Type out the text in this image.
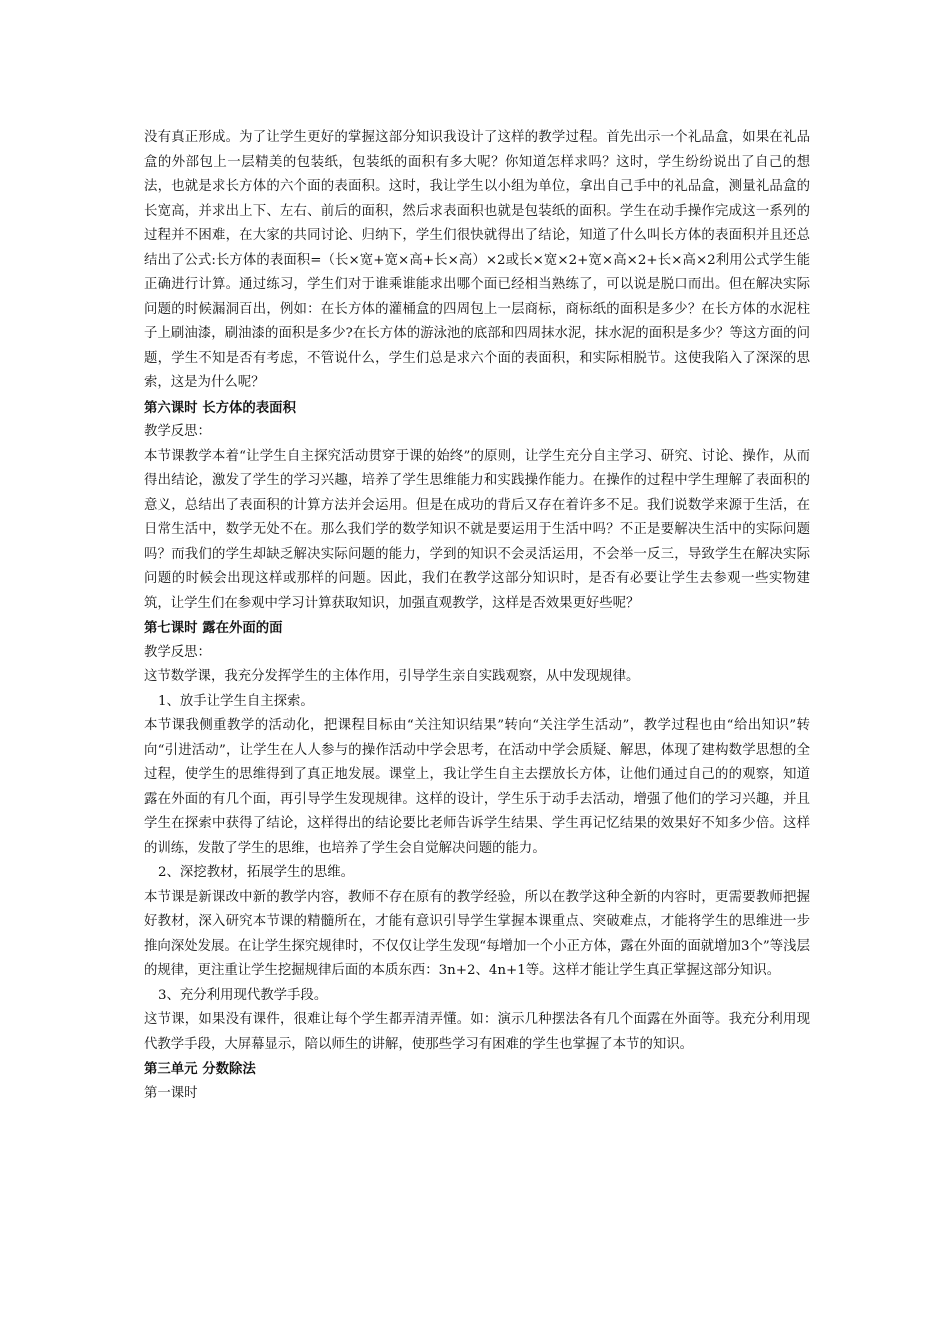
没有真正形成。为了让学生更好的掌握这部分知识我设计了这样的教学过程。首先出示一个礼品盒，如果在礼品盒的外部包上一层精美的包装纸，包装纸的面积有多大呢？你知道怎样求吗？这时，学生纷纷说出了自己的想法，也就是求长方体的六个面的表面积。这时，我让学生以小组为单位，拿出自己手中的礼品盒，测量礼品盒的长宽高，并求出上下、左右、前后的面积，然后求表面积也就是包装纸的面积。学生在动手操作完成这一系列的过程并不困难，在大家的共同讨论、归纳下，学生们很快就得出了结论，知道了什么叫长方体的表面积并且还总结出了公式:长方体的表面积=（长×宽+宽×高+长×高）×2或长×宽×2+宽×高×2+长×高×2利用公式学生能正确进行计算。通过练习，学生们对于谁乘谁能求出哪个面已经相当熟练了，可以说是脱口而出。但在解决实际问题的时候漏洞百出，例如：在长方体的灌桶盒的四周包上一层商标，商标纸的面积是多少？在长方体的水泥柱子上刷油漆，刷油漆的面积是多少?在长方体的游泳池的底部和四周抹水泥，抹水泥的面积是多少？等这方面的问题，学生不知是否有考虑，不管说什么，学生们总是求六个面的表面积，和实际相脱节。这使我陷入了深深的思索，这是为什么呢？

第六课时 长方体的表面积

教学反思：

本节课教学本着“让学生自主探究活动贯穿于课的始终”的原则，让学生充分自主学习、研究、讨论、操作，从而得出结论，激发了学生的学习兴趣，培养了学生思维能力和实践操作能力。在操作的过程中学生理解了表面积的意义，总结出了表面积的计算方法并会运用。但是在成功的背后又存在着许多不足。我们说数学来源于生活，在日常生活中，数学无处不在。那么我们学的数学知识不就是要运用于生活中吗？不正是要解决生活中的实际问题吗？而我们的学生却缺乏解决实际问题的能力，学到的知识不会灵活运用，不会举一反三，导致学生在解决实际问题的时候会出现这样或那样的问题。因此，我们在教学这部分知识时，是否有必要让学生去参观一些实物建筑，让学生们在参观中学习计算获取知识，加强直观教学，这样是否效果更好些呢？

第七课时 露在外面的面

教学反思：

这节数学课，我充分发挥学生的主体作用，引导学生亲自实践观察，从中发现规律。

1、放手让学生自主探索。

本节课我侧重教学的活动化，把课程目标由“关注知识结果”转向“关注学生活动”，教学过程也由“给出知识”转向“引进活动”，让学生在人人参与的操作活动中学会思考，在活动中学会质疑、解思，体现了建构数学思想的全过程，使学生的思维得到了真正地发展。课堂上，我让学生自主去摆放长方体，让他们通过自己的的观察，知道露在外面的有几个面，再引导学生发现规律。这样的设计，学生乐于动手去活动，增强了他们的学习兴趣，并且学生在探索中获得了结论，这样得出的结论要比老师告诉学生结果、学生再记忆结果的效果好不知多少倍。这样的训练，发散了学生的思维，也培养了学生会自觉解决问题的能力。

2、深挖教材，拓展学生的思维。

本节课是新课改中新的教学内容，教师不存在原有的教学经验，所以在教学这种全新的内容时，更需要教师把握好教材，深入研究本节课的精髓所在，才能有意识引导学生掌握本课重点、突破难点，才能将学生的思维进一步推向深处发展。在让学生探究规律时，不仅仅让学生发现“每增加一个小正方体，露在外面的面就增加3个”等浅层的规律，更注重让学生挖掘规律后面的本质东西：3n+2、4n+1等。这样才能让学生真正掌握这部分知识。

3、充分利用现代教学手段。

这节课，如果没有课件，很难让每个学生都弄清弄懂。如：演示几种摆法各有几个面露在外面等。我充分利用现代教学手段，大屏幕显示，陪以师生的讲解，使那些学习有困难的学生也掌握了本节的知识。

第三单元 分数除法

第一课时
